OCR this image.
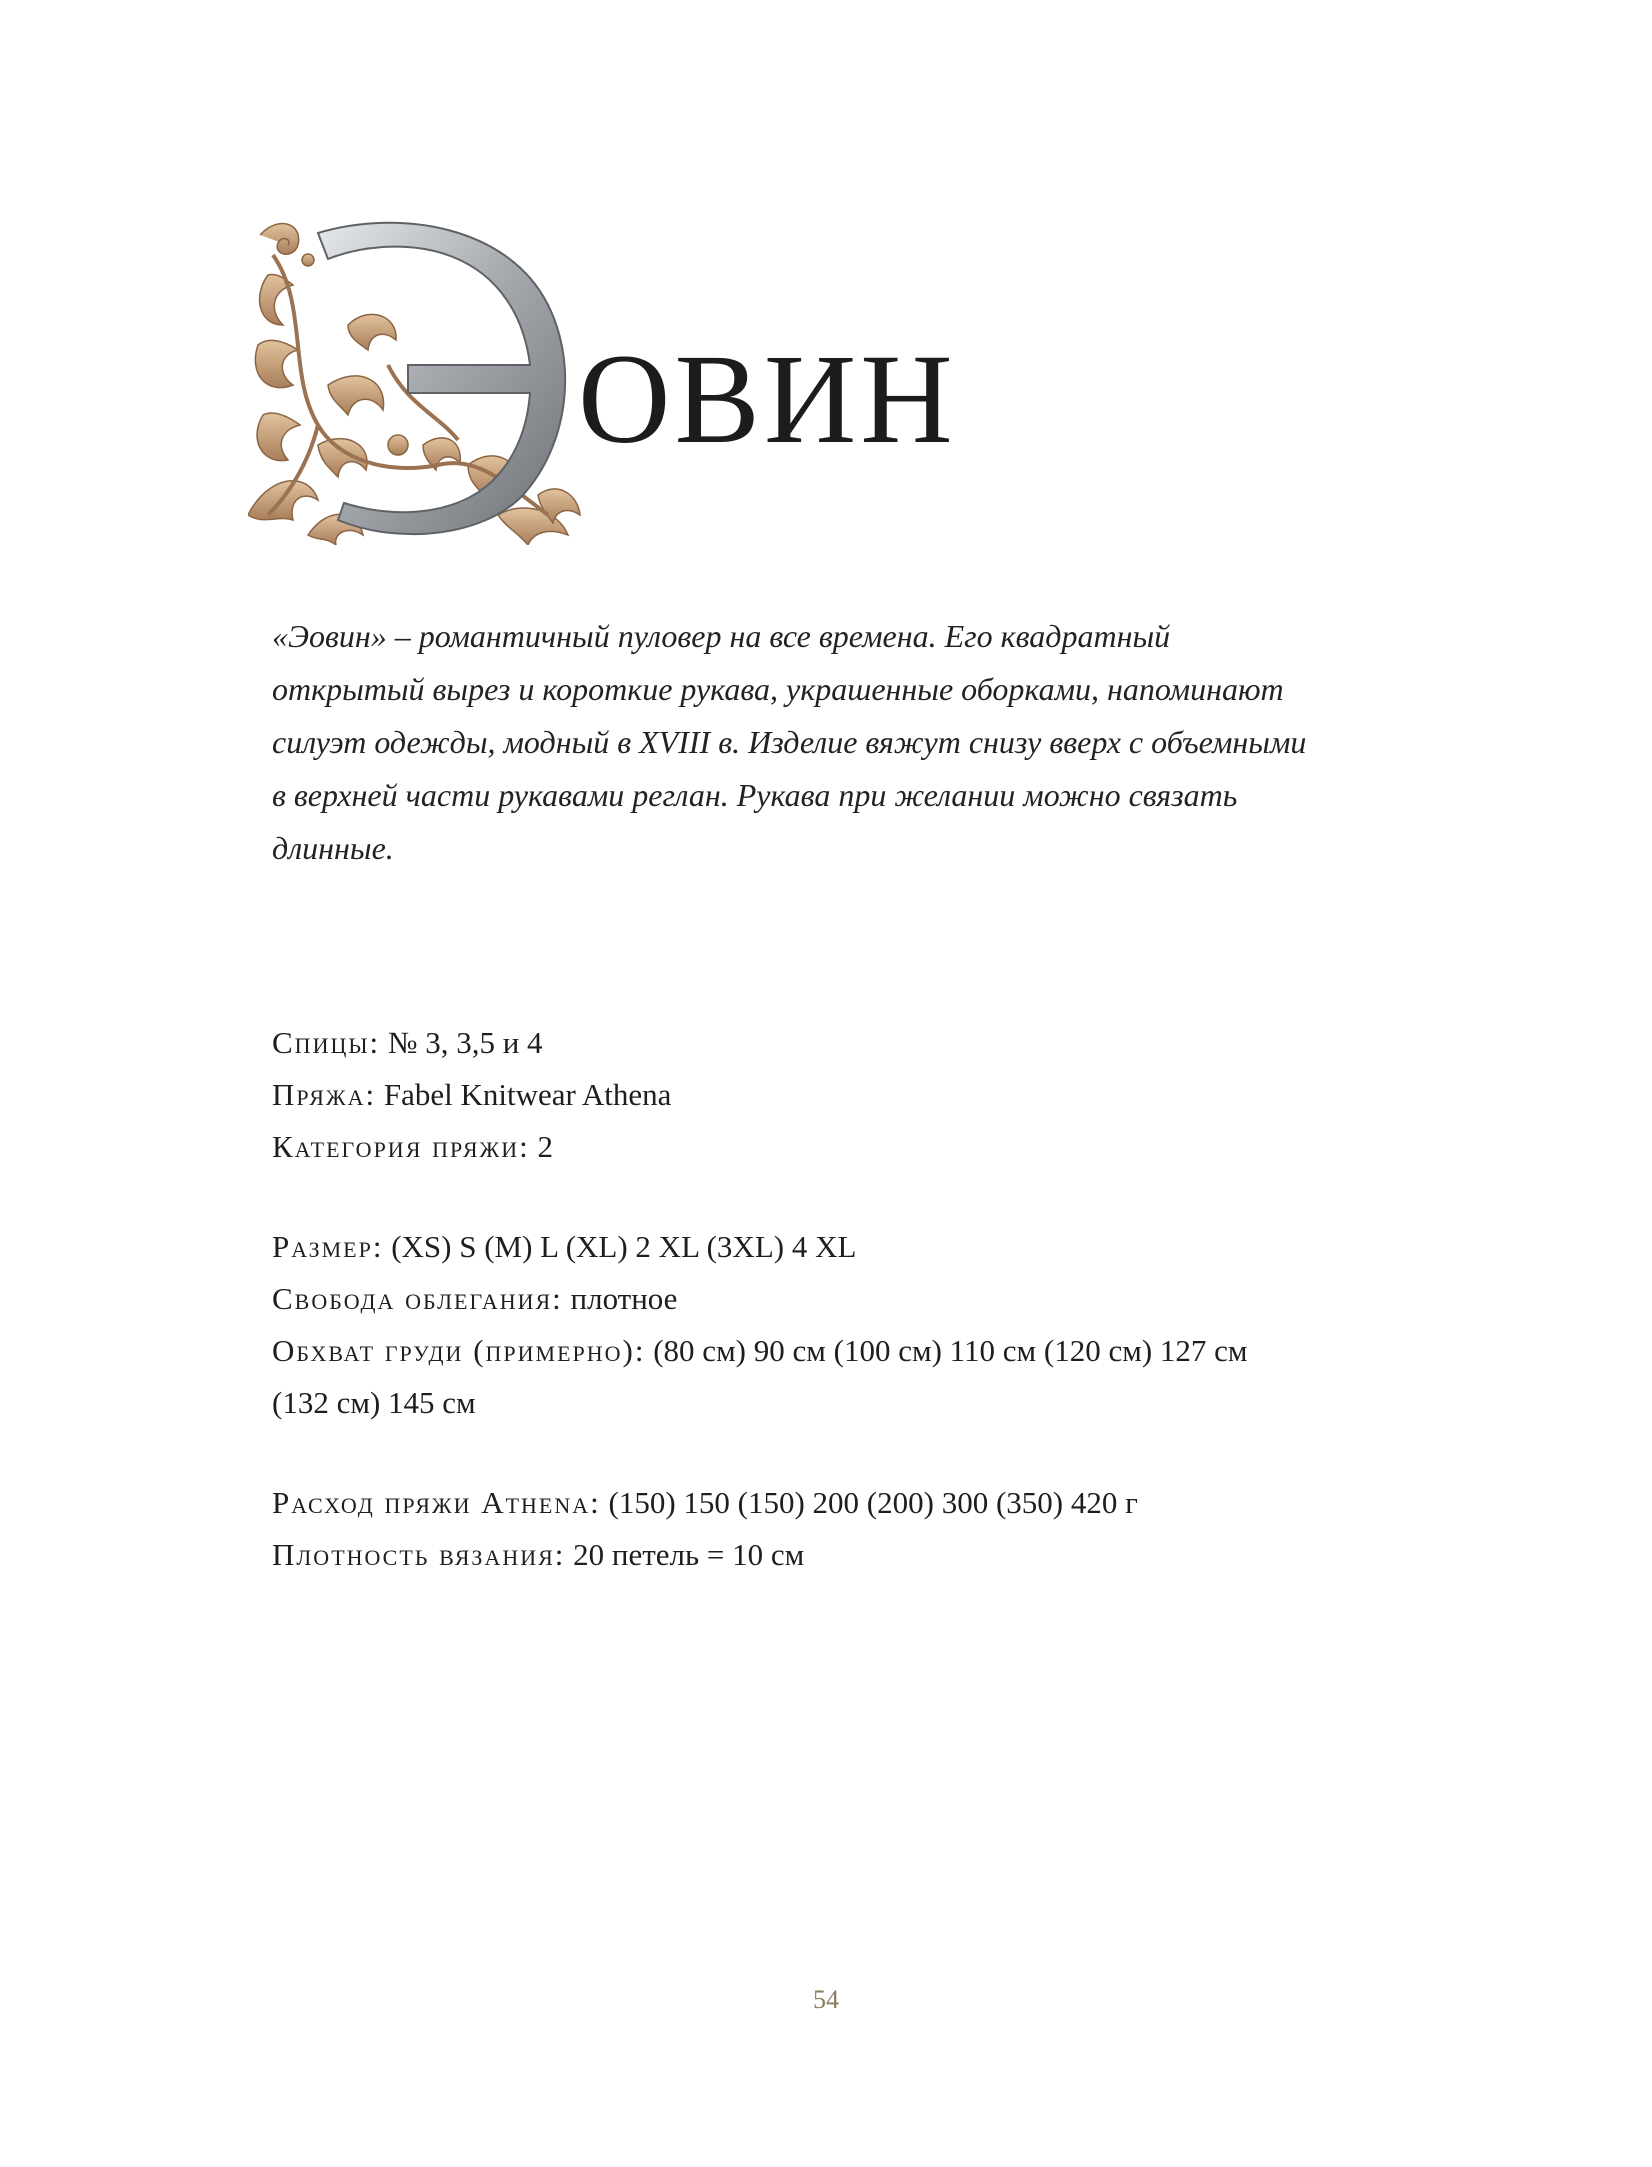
ОВИН
«Эовин» – романтичный пуловер на все времена. Его квадратный
открытый вырез и короткие рукава, украшенные оборками, напоминают
силуэт одежды, модный в XVIII в. Изделие вяжут снизу вверх с объемными
в верхней части рукавами реглан. Рукава при желании можно связать
длинные.
Спицы: № 3, 3,5 и 4
Пряжа: Fabel Knitwear Athena
Категория пряжи: 2
Размер: (XS) S (M) L (XL) 2 XL (3XL) 4 XL
Свобода облегания: плотное
Обхват груди (примерно): (80 см) 90 см (100 см) 110 см (120 см) 127 см
(132 см) 145 см
Расход пряжи Athena: (150) 150 (150) 200 (200) 300 (350) 420 г
Плотность вязания: 20 петель = 10 см
54
